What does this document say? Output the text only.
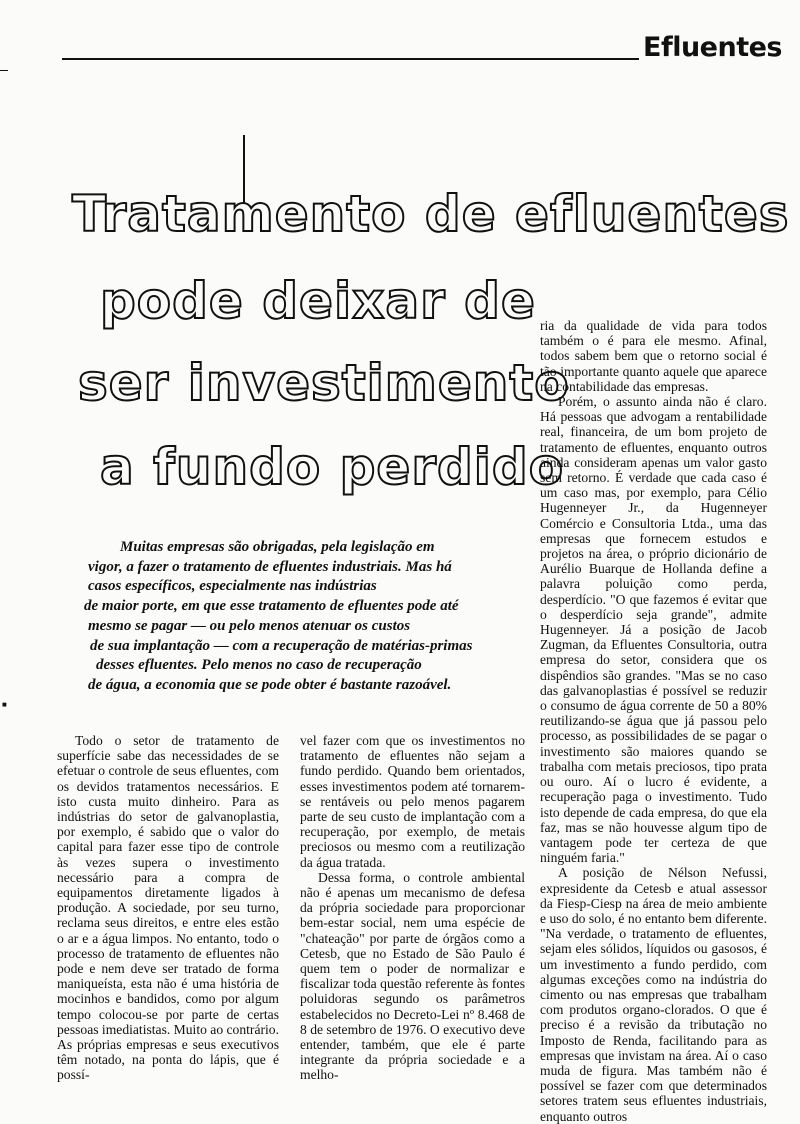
Efluentes
Tratamento de efluentes
pode deixar de
ser investimento
a fundo perdido
Muitas empresas são obrigadas, pela legislação em
vigor, a fazer o tratamento de efluentes industriais. Mas há
casos específicos, especialmente nas indústrias
de maior porte, em que esse tratamento de efluentes pode até
mesmo se pagar — ou pelo menos atenuar os custos
de sua implantação — com a recuperação de matérias-primas
desses efluentes. Pelo menos no caso de recuperação
de água, a economia que se pode obter é bastante razoável.

Todo o setor de tratamento de superfície sabe das necessidades de se efetuar o controle de seus efluentes, com os devidos tratamentos necessários. E isto custa muito dinheiro. Para as indústrias do setor de galvanoplastia, por exemplo, é sabido que o valor do capital para fazer esse tipo de controle às vezes supera o investimento necessário para a compra de equipamentos diretamente ligados à produção. A sociedade, por seu turno, reclama seus direitos, e entre eles estão o ar e a água limpos. No entanto, todo o processo de tratamento de efluentes não pode e nem deve ser tratado de forma maniqueísta, esta não é uma história de mocinhos e bandidos, como por algum tempo colocou-se por parte de certas pessoas imediatistas. Muito ao contrário. As próprias empresas e seus executivos têm notado, na ponta do lápis, que é possí-

vel fazer com que os investimentos no tratamento de efluentes não sejam a fundo perdido. Quando bem orientados, esses investimentos podem até tornarem-se rentáveis ou pelo menos pagarem parte de seu custo de implantação com a recuperação, por exemplo, de metais preciosos ou mesmo com a reutilização da água tratada.

Dessa forma, o controle ambiental não é apenas um mecanismo de defesa da própria sociedade para proporcionar bem-estar social, nem uma espécie de "chateação" por parte de órgãos como a Cetesb, que no Estado de São Paulo é quem tem o poder de normalizar e fiscalizar toda questão referente às fontes poluidoras segundo os parâmetros estabelecidos no Decreto-Lei nº 8.468 de 8 de setembro de 1976. O executivo deve entender, também, que ele é parte integrante da própria sociedade e a melho-

ria da qualidade de vida para todos também o é para ele mesmo. Afinal, todos sabem bem que o retorno social é tão importante quanto aquele que aparece na contabilidade das empresas.

Porém, o assunto ainda não é claro. Há pessoas que advogam a rentabilidade real, financeira, de um bom projeto de tratamento de efluentes, enquanto outros ainda consideram apenas um valor gasto sem retorno. É verdade que cada caso é um caso mas, por exemplo, para Célio Hugenneyer Jr., da Hugenneyer Comércio e Consultoria Ltda., uma das empresas que fornecem estudos e projetos na área, o próprio dicionário de Aurélio Buarque de Hollanda define a palavra poluição como perda, desperdício. "O que fazemos é evitar que o desperdício seja grande", admite Hugenneyer. Já a posição de Jacob Zugman, da Efluentes Consultoria, outra empresa do setor, considera que os dispêndios são grandes. "Mas se no caso das galvanoplastias é possível se reduzir o consumo de água corrente de 50 a 80% reutilizando-se água que já passou pelo processo, as possibilidades de se pagar o investimento são maiores quando se trabalha com metais preciosos, tipo prata ou ouro. Aí o lucro é evidente, a recuperação paga o investimento. Tudo isto depende de cada empresa, do que ela faz, mas se não houvesse algum tipo de vantagem pode ter certeza de que ninguém faria."

A posição de Nélson Nefussi, expresidente da Cetesb e atual assessor da Fiesp-Ciesp na área de meio ambiente e uso do solo, é no entanto bem diferente. "Na verdade, o tratamento de efluentes, sejam eles sólidos, líquidos ou gasosos, é um investimento a fundo perdido, com algumas exceções como na indústria do cimento ou nas empresas que trabalham com produtos organo-clorados. O que é preciso é a revisão da tributação no Imposto de Renda, facilitando para as empresas que invistam na área. Aí o caso muda de figura. Mas também não é possível se fazer com que determinados setores tratem seus efluentes industriais, enquanto outros

■
